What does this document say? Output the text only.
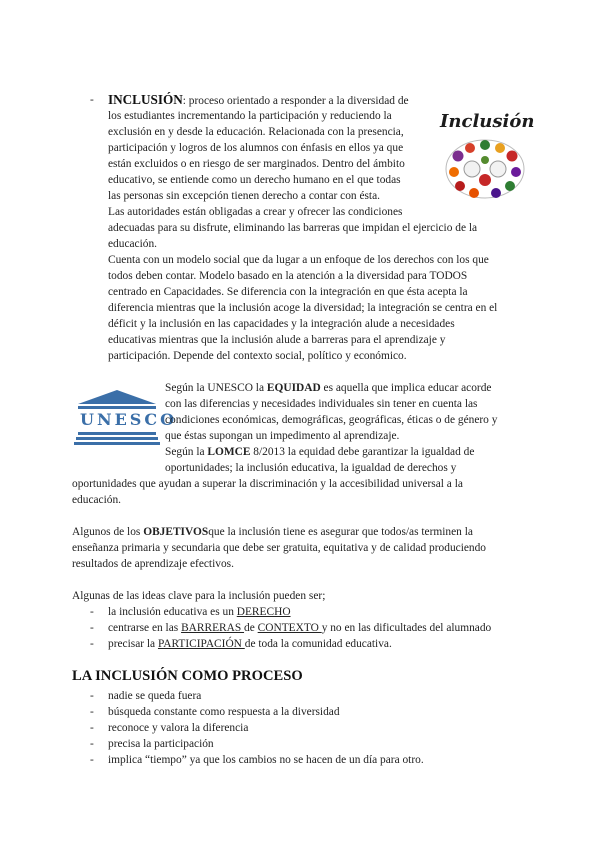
- INCLUSIÓN: proceso orientado a responder a la diversidad de
los estudiantes incrementando la participación y reduciendo la
exclusión en y desde la educación. Relacionada con la presencia,
participación y logros de los alumnos con énfasis en ellos ya que
están excluidos o en riesgo de ser marginados. Dentro del ámbito
educativo, se entiende como un derecho humano en el que todas
las personas sin excepción tienen derecho a contar con ésta.
Las autoridades están obligadas a crear y ofrecer las condiciones
adecuadas para su disfrute, eliminando las barreras que impidan el ejercicio de la
educación.
Cuenta con un modelo social que da lugar a un enfoque de los derechos con los que
todos deben contar. Modelo basado en la atención a la diversidad para TODOS
centrado en Capacidades. Se diferencia con la integración en que ésta acepta la
diferencia mientras que la inclusión acoge la diversidad; la integración se centra en el
déficit y la inclusión en las capacidades y la integración alude a necesidades
educativas mientras que la inclusión alude a barreras para el aprendizaje y
participación. Depende del contexto social, político y económico.
Inclusión
UNESCO
Según la UNESCO la EQUIDAD es aquella que implica educar acorde
con las diferencias y necesidades individuales sin tener en cuenta las
condiciones económicas, demográficas, geográficas, éticas o de género y
que éstas supongan un impedimento al aprendizaje.
Según la LOMCE 8/2013 la equidad debe garantizar la igualdad de
oportunidades; la inclusión educativa, la igualdad de derechos y
oportunidades que ayudan a superar la discriminación y la accesibilidad universal a la
educación.
Algunos de los OBJETIVOSque la inclusión tiene es asegurar que todos/as terminen la
enseñanza primaria y secundaria que debe ser gratuita, equitativa y de calidad produciendo
resultados de aprendizaje efectivos.
Algunas de las ideas clave para la inclusión pueden ser;
- la inclusión educativa es un DERECHO
- centrarse en las BARRERAS de CONTEXTO y no en las dificultades del alumnado
- precisar la PARTICIPACIÓN de toda la comunidad educativa.
LA INCLUSIÓN COMO PROCESO
- nadie se queda fuera
- búsqueda constante como respuesta a la diversidad
- reconoce y valora la diferencia
- precisa la participación
- implica “tiempo” ya que los cambios no se hacen de un día para otro.
